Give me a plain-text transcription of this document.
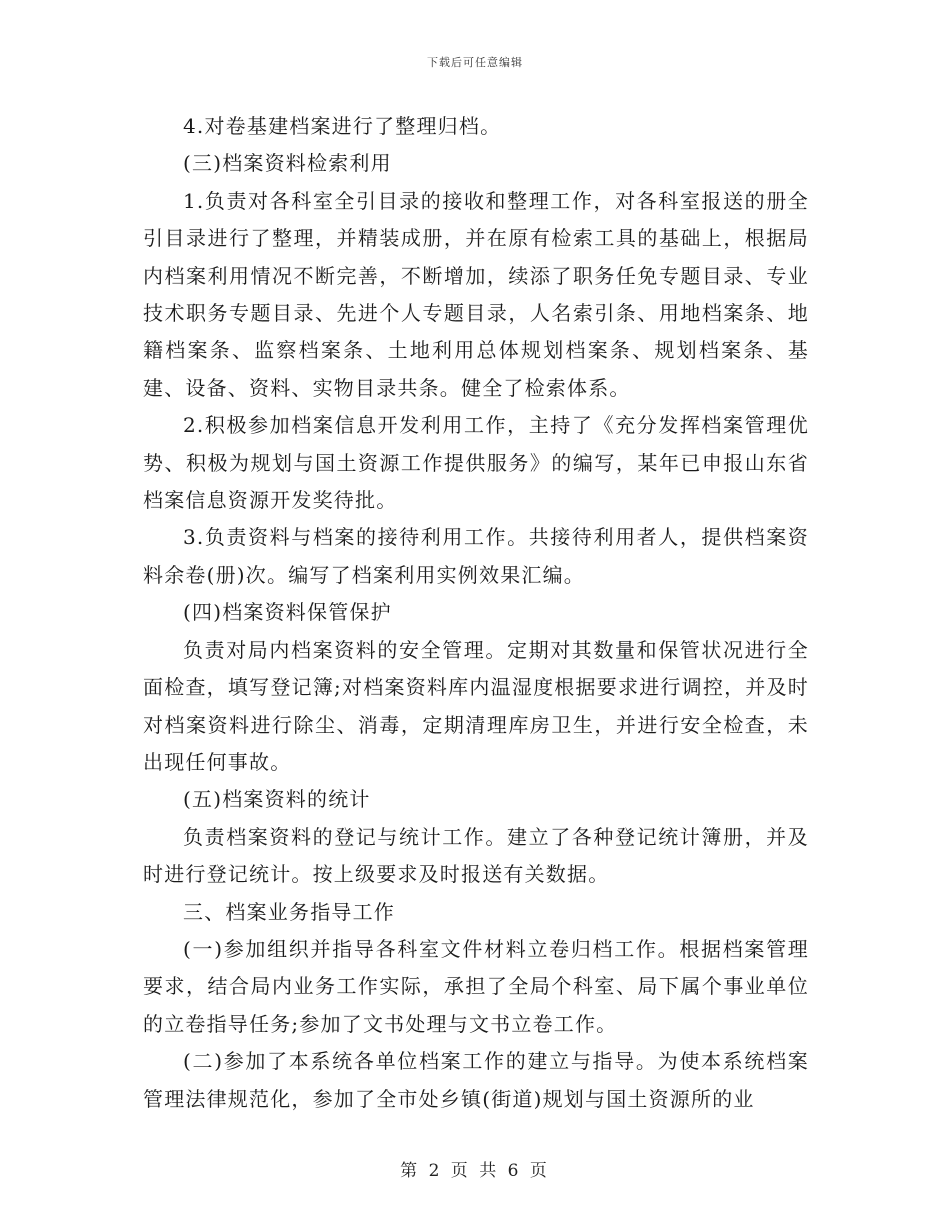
下载后可任意编辑

4.对卷基建档案进行了整理归档。

(三)档案资料检索利用

1.负责对各科室全引目录的接收和整理工作，对各科室报送的册全引目录进行了整理，并精装成册，并在原有检索工具的基础上，根据局内档案利用情况不断完善，不断增加，续添了职务任免专题目录、专业技术职务专题目录、先进个人专题目录，人名索引条、用地档案条、地籍档案条、监察档案条、土地利用总体规划档案条、规划档案条、基建、设备、资料、实物目录共条。健全了检索体系。

2.积极参加档案信息开发利用工作，主持了《充分发挥档案管理优势、积极为规划与国土资源工作提供服务》的编写，某年已申报山东省档案信息资源开发奖待批。

3.负责资料与档案的接待利用工作。共接待利用者人，提供档案资料余卷(册)次。编写了档案利用实例效果汇编。

(四)档案资料保管保护

负责对局内档案资料的安全管理。定期对其数量和保管状况进行全面检查，填写登记簿;对档案资料库内温湿度根据要求进行调控，并及时对档案资料进行除尘、消毒，定期清理库房卫生，并进行安全检查，未出现任何事故。

(五)档案资料的统计

负责档案资料的登记与统计工作。建立了各种登记统计簿册，并及时进行登记统计。按上级要求及时报送有关数据。

三、档案业务指导工作

(一)参加组织并指导各科室文件材料立卷归档工作。根据档案管理要求，结合局内业务工作实际，承担了全局个科室、局下属个事业单位的立卷指导任务;参加了文书处理与文书立卷工作。

(二)参加了本系统各单位档案工作的建立与指导。为使本系统档案管理法律规范化，参加了全市处乡镇(街道)规划与国土资源所的业

第 2 页 共 6 页
